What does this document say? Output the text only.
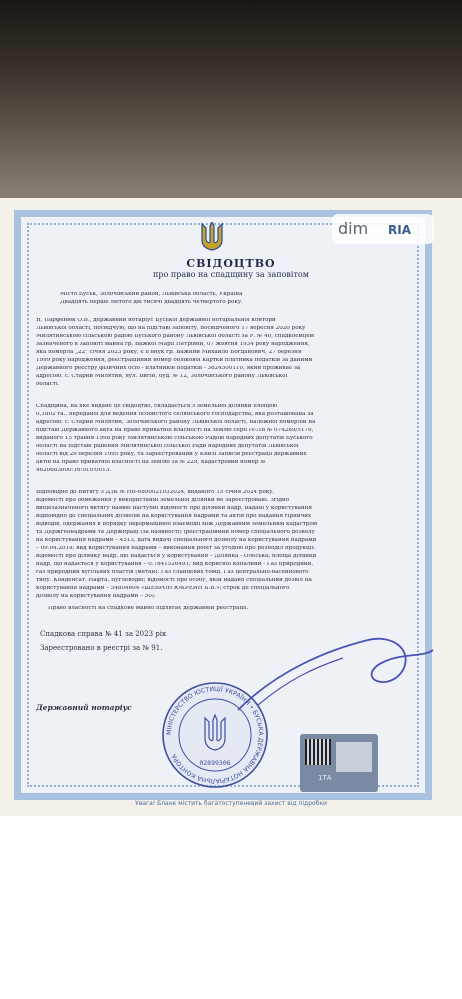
dim RIA
СВІДОЦТВО
про право на спадщину за заповітом
Місто Буськ, Золочівський район, Львівська область, Україна
Двадцять перше лютого дві тисячі двадцять четвертого року.
Я, Парфенюк О.В., державний нотаріус Буської державної нотаріальної контори
Львівської області, посвідчую, що на підставі заповіту, посвідченого 17 вересня 2020 року
Милятинською сільською радою Буського району Львівської області за Р. № 40, спадкоємцем
зазначеного в заповіті майна гр. Важкої Марії Петрівни, 07 жовтня 1934 року народження,
яка померла „22" січня 2023 року, є її внук гр. Важний Михайло Богданович, 27 березня
1999 року народження, реєстраційний номер облікової картки платника податків за даними
Державного реєстру фізичних осіб - платників податків - 3624500110, який проживає за
адресою: с. Старий Милятин, вул. Вигін, буд. № 12, Золочівського району Львівської
області.
Спадщина, на яке видане це свідоцтво, складається з земельної ділянки площею
0,1802 га., переданої для ведення особистого селянського господарства, яка розташована за
адресою: с. Старий Милятин, Золочівського району Львівської області, належної померлій на
підставі Державного акта на право приватної власності на землю серії IV-ЛВ № 074289/5179,
виданого 15 травня 1998 року Милятинською сільською Радою народних депутатів Буського
області на підставі рішення Милятинської сільської Ради народних депутатів Львівської
області від 29 березня 1995 року, та зареєстрований у Книзі записів реєстрації державних
актів на право приватної власності на землю за № 229, кадастровий номер №
4620683600:16:010:0013.
Відповідно до Витягу з ДЗК № НВ-6800021032024, виданого 15 січня 2024 року,
відомості про обмеження у використанні земельної ділянки не зареєстровані. Згідно
вищезазначеного витягу наявні наступні відомості про ділянки надр, надані у користування
відповідно до спеціальних дозволів на користування надрами та актів про надання гірничих
відводів, одержаних в порядку інформаційної взаємодії між Державним земельним кадастром
та Держгеонадрами та Держпраці (за наявності) (реєстраційний номер спеціального дозволу
на користування надрами – 4513, дата видачі спеціального дозволу на користування надрами
– 09.04.2014; вид користування надрами – виконання робіт за угодою про розподіл продукції;
відомості про ділянку надр, що надається у користування – Ділянка - Олеська; площа ділянки
надр, що надається у користування – 0.7841526491; вид корисної копалини - Газ природний,
газ природний вугільних пластів (метан). Газ сланцевих товщ. Газ центрально-басейнового
типу. Конденсат. Нафта. Вуглеводні; відомості про особу, якій надано спеціальний дозвіл на
користування надрами – 54804604 «ШЕВРОН ЮКРЕЙН Б.В.»; строк дії спеціального
дозволу на користування надрами – 50).
Право власності на спадкове майно підлягає державній реєстрації.
Спадкова справа № 41 за 2023 рік
Зареєстровано в реєстрі за № 91.
Державний нотаріус
МІНІСТЕРСТВО ЮСТИЦІЇ УКРАЇНИ • БУСЬКА ДЕРЖАВНА НОТАРІАЛЬНА КОНТОРА
02899306
1ТА
Увага! Бланк містить багатоступеневий захист від підробки
